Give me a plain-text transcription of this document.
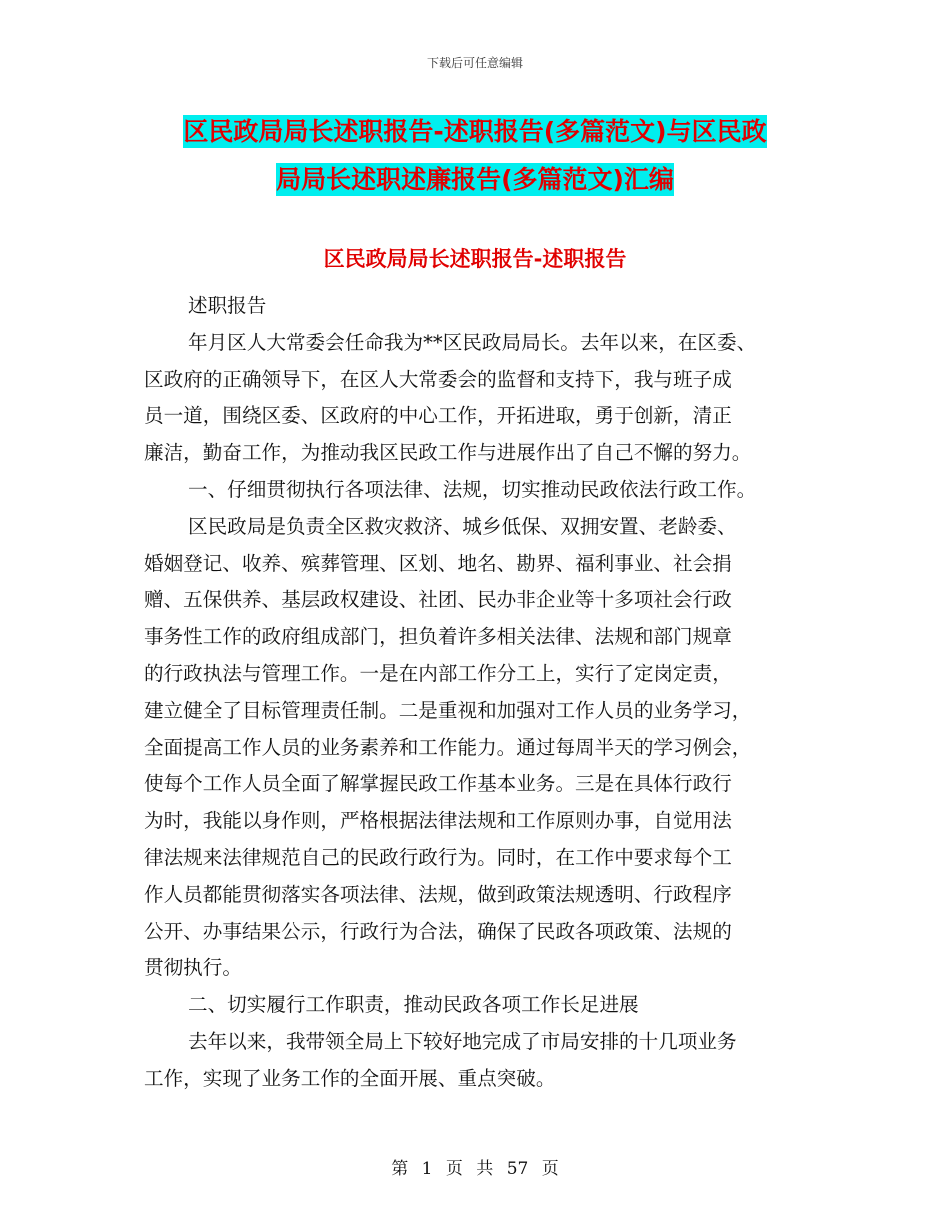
下载后可任意编辑
区民政局局长述职报告-述职报告(多篇范文)与区民政
局局长述职述廉报告(多篇范文)汇编
区民政局局长述职报告-述职报告

述职报告

年月区人大常委会任命我为**区民政局局长。去年以来，在区委、

区政府的正确领导下，在区人大常委会的监督和支持下，我与班子成

员一道，围绕区委、区政府的中心工作，开拓进取，勇于创新，清正

廉洁，勤奋工作，为推动我区民政工作与进展作出了自己不懈的努力。

一、仔细贯彻执行各项法律、法规，切实推动民政依法行政工作。

区民政局是负责全区救灾救济、城乡低保、双拥安置、老龄委、

婚姻登记、收养、殡葬管理、区划、地名、勘界、福利事业、社会捐

赠、五保供养、基层政权建设、社团、民办非企业等十多项社会行政

事务性工作的政府组成部门，担负着许多相关法律、法规和部门规章

的行政执法与管理工作。一是在内部工作分工上，实行了定岗定责，

建立健全了目标管理责任制。二是重视和加强对工作人员的业务学习，

全面提高工作人员的业务素养和工作能力。通过每周半天的学习例会，

使每个工作人员全面了解掌握民政工作基本业务。三是在具体行政行

为时，我能以身作则，严格根据法律法规和工作原则办事，自觉用法

律法规来法律规范自己的民政行政行为。同时，在工作中要求每个工

作人员都能贯彻落实各项法律、法规，做到政策法规透明、行政程序

公开、办事结果公示，行政行为合法，确保了民政各项政策、法规的

贯彻执行。

二、切实履行工作职责，推动民政各项工作长足进展

去年以来，我带领全局上下较好地完成了市局安排的十几项业务

工作，实现了业务工作的全面开展、重点突破。

第 1 页 共 57 页
